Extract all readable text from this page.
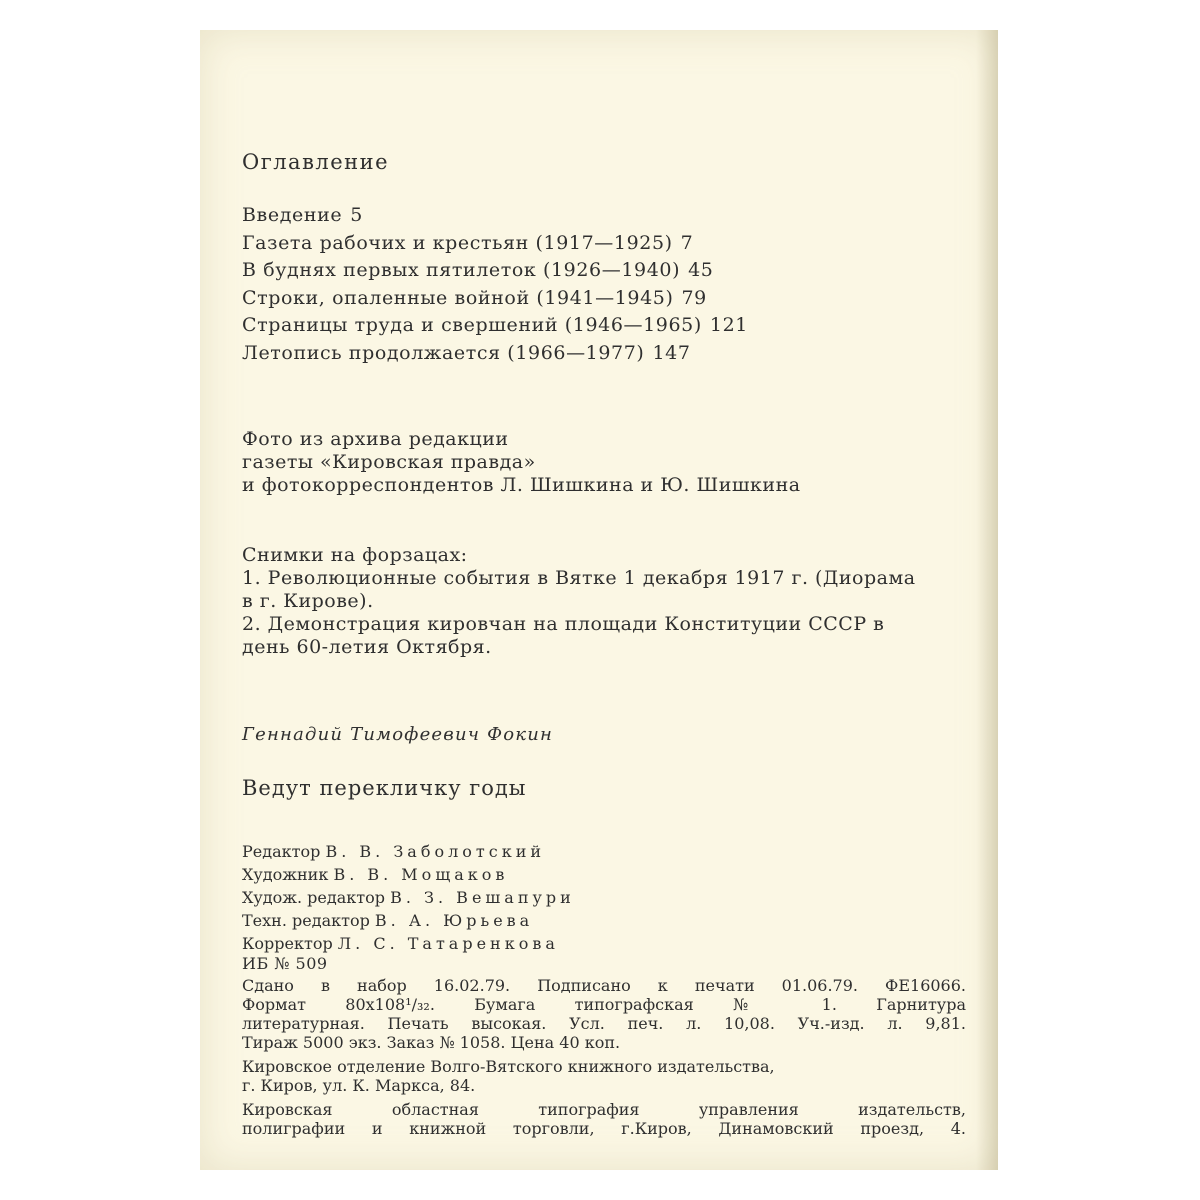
Оглавление
Введение 5
Газета рабочих и крестьян (1917—1925) 7
В буднях первых пятилеток (1926—1940) 45
Строки, опаленные войной (1941—1945) 79
Страницы труда и свершений (1946—1965) 121
Летопись продолжается (1966—1977) 147
Фото из архива редакции
газеты «Кировская правда»
и фотокорреспондентов Л. Шишкина и Ю. Шишкина
Снимки на форзацах:
1. Революционные события в Вятке 1 декабря 1917 г. (Диорама
в г. Кирове).
2. Демонстрация кировчан на площади Конституции СССР в
день 60-летия Октября.
Геннадий Тимофеевич Фокин
Ведут перекличку годы
Редактор В. В. Заболотский
Художник В. В. Мощаков
Худож. редактор В. З. Вешапури
Техн. редактор В. А. Юрьева
Корректор Л. С. Татаренкова
ИБ № 509
Сдано в набор 16.02.79. Подписано к печати 01.06.79. ФЕ16066.
Формат 80х108¹/₃₂. Бумага типографская № 1. Гарнитура
литературная. Печать высокая. Усл. печ. л. 10,08. Уч.-изд. л. 9,81.
Тираж 5000 экз. Заказ № 1058. Цена 40 коп.
Кировское отделение Волго-Вятского книжного издательства,
г. Киров, ул. К. Маркса, 84.
Кировская областная типография управления издательств,
полиграфии и книжной торговли, г.Киров, Динамовский проезд, 4.
